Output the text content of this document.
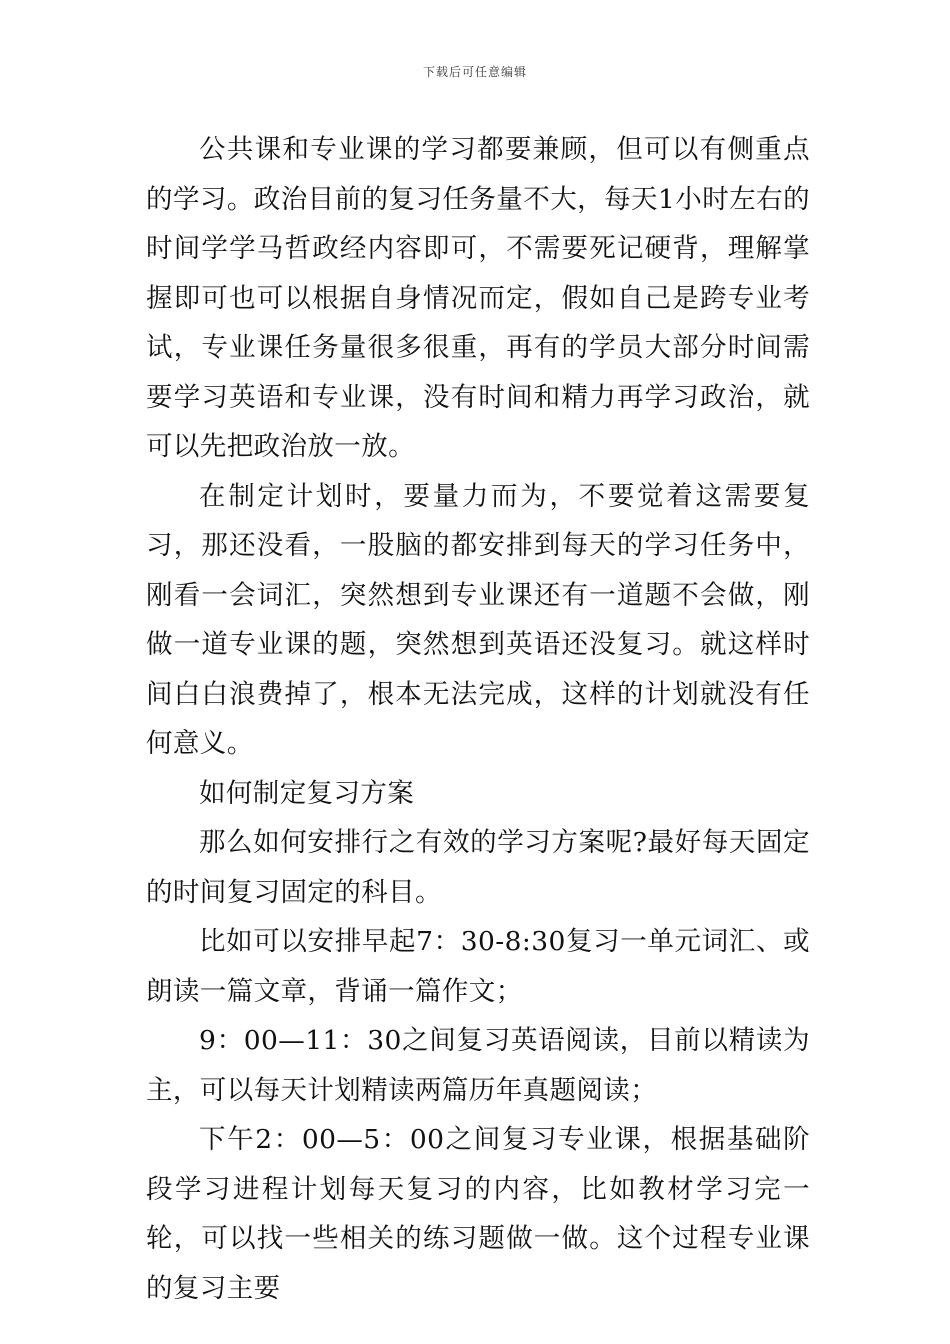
下载后可任意编辑

公共课和专业课的学习都要兼顾，但可以有侧重点的学习。政治目前的复习任务量不大，每天1小时左右的时间学学马哲政经内容即可，不需要死记硬背，理解掌握即可也可以根据自身情况而定，假如自己是跨专业考试，专业课任务量很多很重，再有的学员大部分时间需要学习英语和专业课，没有时间和精力再学习政治，就可以先把政治放一放。

在制定计划时，要量力而为，不要觉着这需要复习，那还没看，一股脑的都安排到每天的学习任务中，刚看一会词汇，突然想到专业课还有一道题不会做，刚做一道专业课的题，突然想到英语还没复习。就这样时间白白浪费掉了，根本无法完成，这样的计划就没有任何意义。

如何制定复习方案

那么如何安排行之有效的学习方案呢?最好每天固定的时间复习固定的科目。

比如可以安排早起7：30-8:30复习一单元词汇、或朗读一篇文章，背诵一篇作文；

9：00—11：30之间复习英语阅读，目前以精读为主，可以每天计划精读两篇历年真题阅读；

下午2：00—5：00之间复习专业课，根据基础阶段学习进程计划每天复习的内容，比如教材学习完一轮，可以找一些相关的练习题做一做。这个过程专业课的复习主要
